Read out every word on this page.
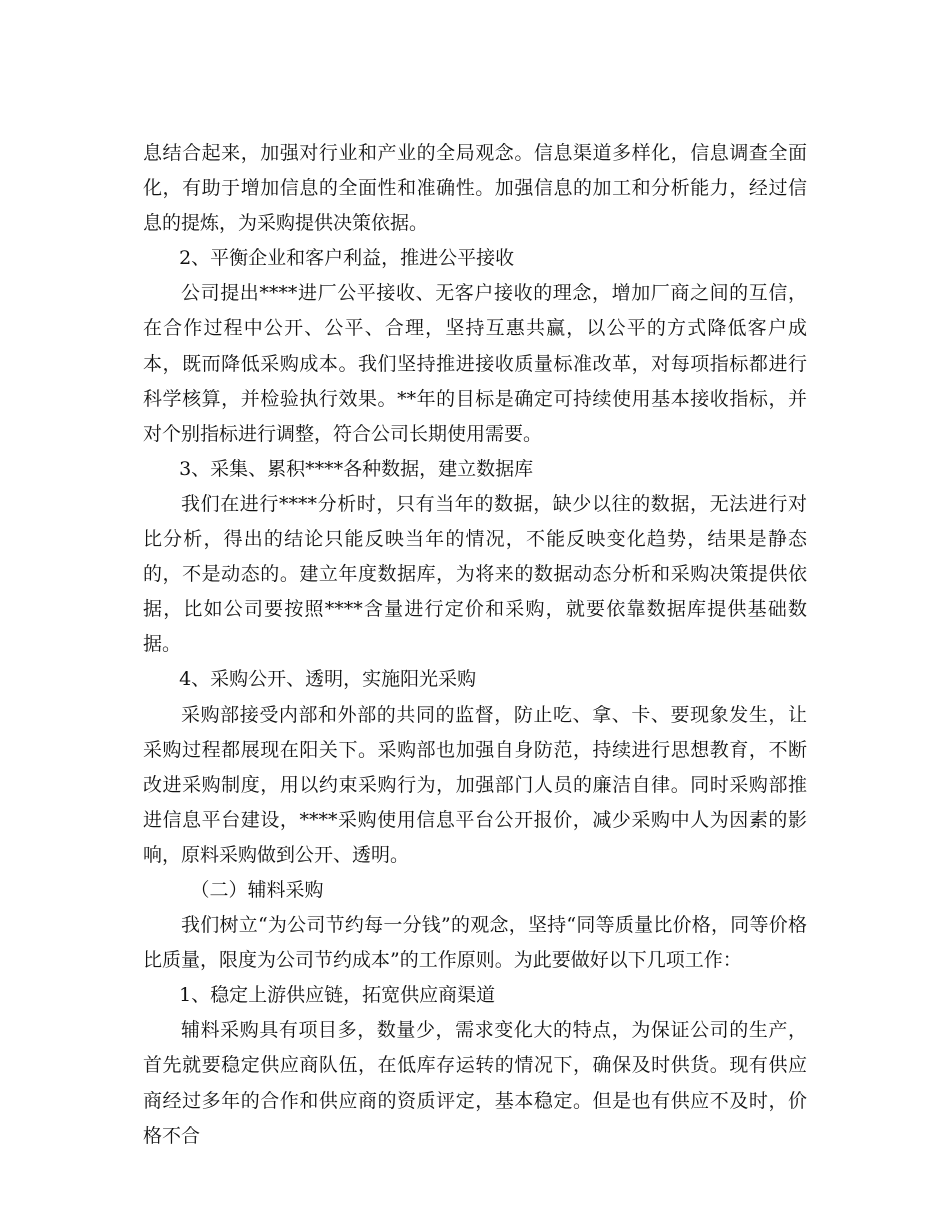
息结合起来，加强对行业和产业的全局观念。信息渠道多样化，信息调查全面化，有助于增加信息的全面性和准确性。加强信息的加工和分析能力，经过信息的提炼，为采购提供决策依据。

2、平衡企业和客户利益，推进公平接收

公司提出****进厂公平接收、无客户接收的理念，增加厂商之间的互信，在合作过程中公开、公平、合理，坚持互惠共赢，以公平的方式降低客户成本，既而降低采购成本。我们坚持推进接收质量标准改革，对每项指标都进行科学核算，并检验执行效果。**年的目标是确定可持续使用基本接收指标，并对个别指标进行调整，符合公司长期使用需要。

3、采集、累积****各种数据，建立数据库

我们在进行****分析时，只有当年的数据，缺少以往的数据，无法进行对比分析，得出的结论只能反映当年的情况，不能反映变化趋势，结果是静态的，不是动态的。建立年度数据库，为将来的数据动态分析和采购决策提供依据，比如公司要按照****含量进行定价和采购，就要依靠数据库提供基础数据。

4、采购公开、透明，实施阳光采购

采购部接受内部和外部的共同的监督，防止吃、拿、卡、要现象发生，让采购过程都展现在阳关下。采购部也加强自身防范，持续进行思想教育，不断改进采购制度，用以约束采购行为，加强部门人员的廉洁自律。同时采购部推进信息平台建设，****采购使用信息平台公开报价，减少采购中人为因素的影响，原料采购做到公开、透明。

（二）辅料采购

我们树立“为公司节约每一分钱”的观念，坚持“同等质量比价格，同等价格比质量，限度为公司节约成本”的工作原则。为此要做好以下几项工作：

1、稳定上游供应链，拓宽供应商渠道

辅料采购具有项目多，数量少，需求变化大的特点，为保证公司的生产，首先就要稳定供应商队伍，在低库存运转的情况下，确保及时供货。现有供应商经过多年的合作和供应商的资质评定，基本稳定。但是也有供应不及时，价格不合
